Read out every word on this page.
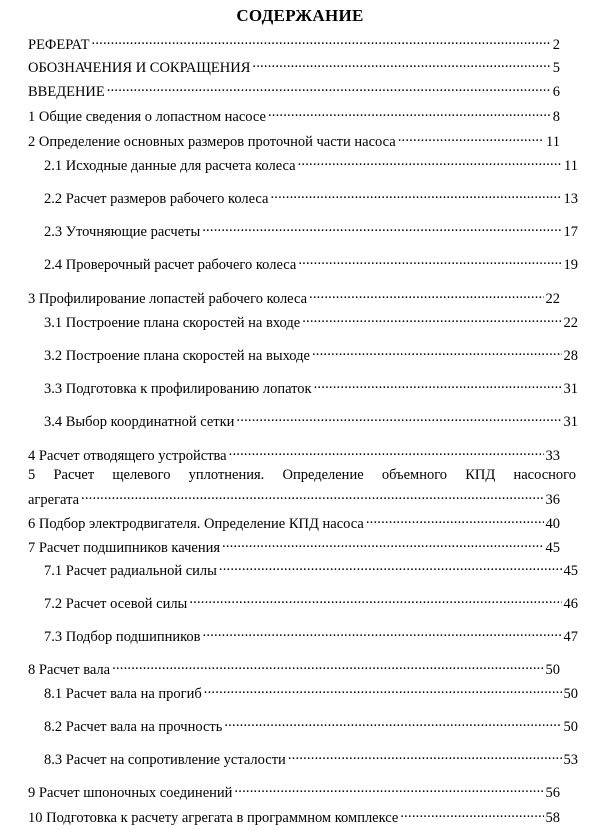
СОДЕРЖАНИЕ
РЕФЕРАТ .....	2
ОБОЗНАЧЕНИЯ И СОКРАЩЕНИЯ .....	5
ВВЕДЕНИЕ .....	6
1 Общие сведения о лопастном насосе .....	8
2 Определение основных размеров проточной части насоса .....	11
2.1 Исходные данные для расчета колеса .....	11
2.2 Расчет размеров рабочего колеса .....	13
2.3 Уточняющие расчеты .....	17
2.4 Проверочный расчет рабочего колеса .....	19
3 Профилирование лопастей рабочего колеса .....	22
3.1 Построение плана скоростей на входе .....	22
3.2 Построение плана скоростей на выходе .....	28
3.3 Подготовка к профилированию лопаток .....	31
3.4 Выбор координатной сетки .....	31
4 Расчет отводящего устройства .....	33
5 Расчет щелевого уплотнения. Определение объемного КПД насосного
агрегата .....	36
6 Подбор электродвигателя. Определение КПД насоса .....	40
7 Расчет подшипников качения .....	45
7.1 Расчет радиальной силы .....	45
7.2 Расчет осевой силы .....	46
7.3 Подбор подшипников .....	47
8 Расчет вала .....	50
8.1 Расчет вала на прогиб .....	50
8.2 Расчет вала на прочность .....	50
8.3 Расчет на сопротивление усталости .....	53
9 Расчет шпоночных соединений .....	56
10 Подготовка к расчету агрегата в программном комплексе .....	58
